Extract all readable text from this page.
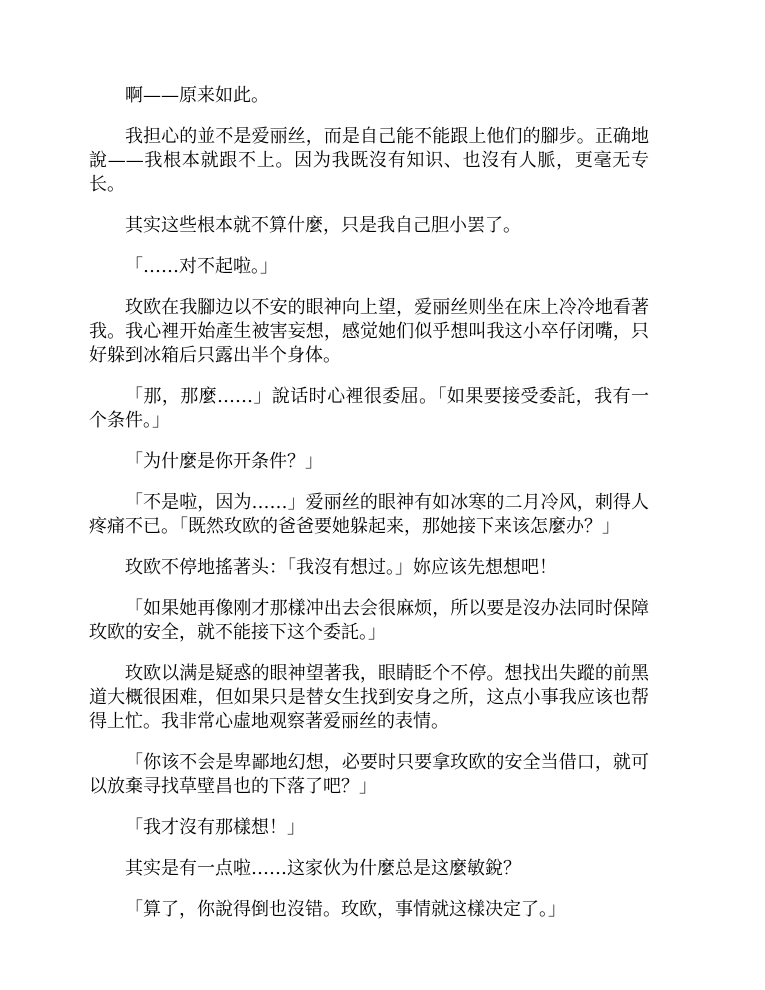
啊——原来如此。

我担心的並不是爱丽丝，而是自己能不能跟上他们的腳步。正确地說——我根本就跟不上。因为我既沒有知识、也沒有人脈，更毫无专长。

其实这些根本就不算什麼，只是我自己胆小罢了。

「……对不起啦。」

玫欧在我腳边以不安的眼神向上望，爱丽丝则坐在床上冷冷地看著我。我心裡开始產生被害妄想，感觉她们似乎想叫我这小卒仔闭嘴，只好躲到冰箱后只露出半个身体。

「那，那麼……」說话时心裡很委屈。「如果要接受委託，我有一个条件。」

「为什麼是你开条件？」

「不是啦，因为……」爱丽丝的眼神有如冰寒的二月冷风，刺得人疼痛不已。「既然玫欧的爸爸要她躲起来，那她接下来该怎麼办？」

玫欧不停地搖著头：「我沒有想过。」妳应该先想想吧！

「如果她再像刚才那樣冲出去会很麻烦，所以要是沒办法同时保障玫欧的安全，就不能接下这个委託。」

玫欧以满是疑惑的眼神望著我，眼睛眨个不停。想找出失蹤的前黑道大概很困难，但如果只是替女生找到安身之所，这点小事我应该也帮得上忙。我非常心虛地观察著爱丽丝的表情。

「你该不会是卑鄙地幻想，必要时只要拿玫欧的安全当借口，就可以放棄寻找草壁昌也的下落了吧？」

「我才沒有那樣想！」

其实是有一点啦……这家伙为什麼总是这麼敏銳？

「算了，你說得倒也沒错。玫欧，事情就这樣决定了。」
